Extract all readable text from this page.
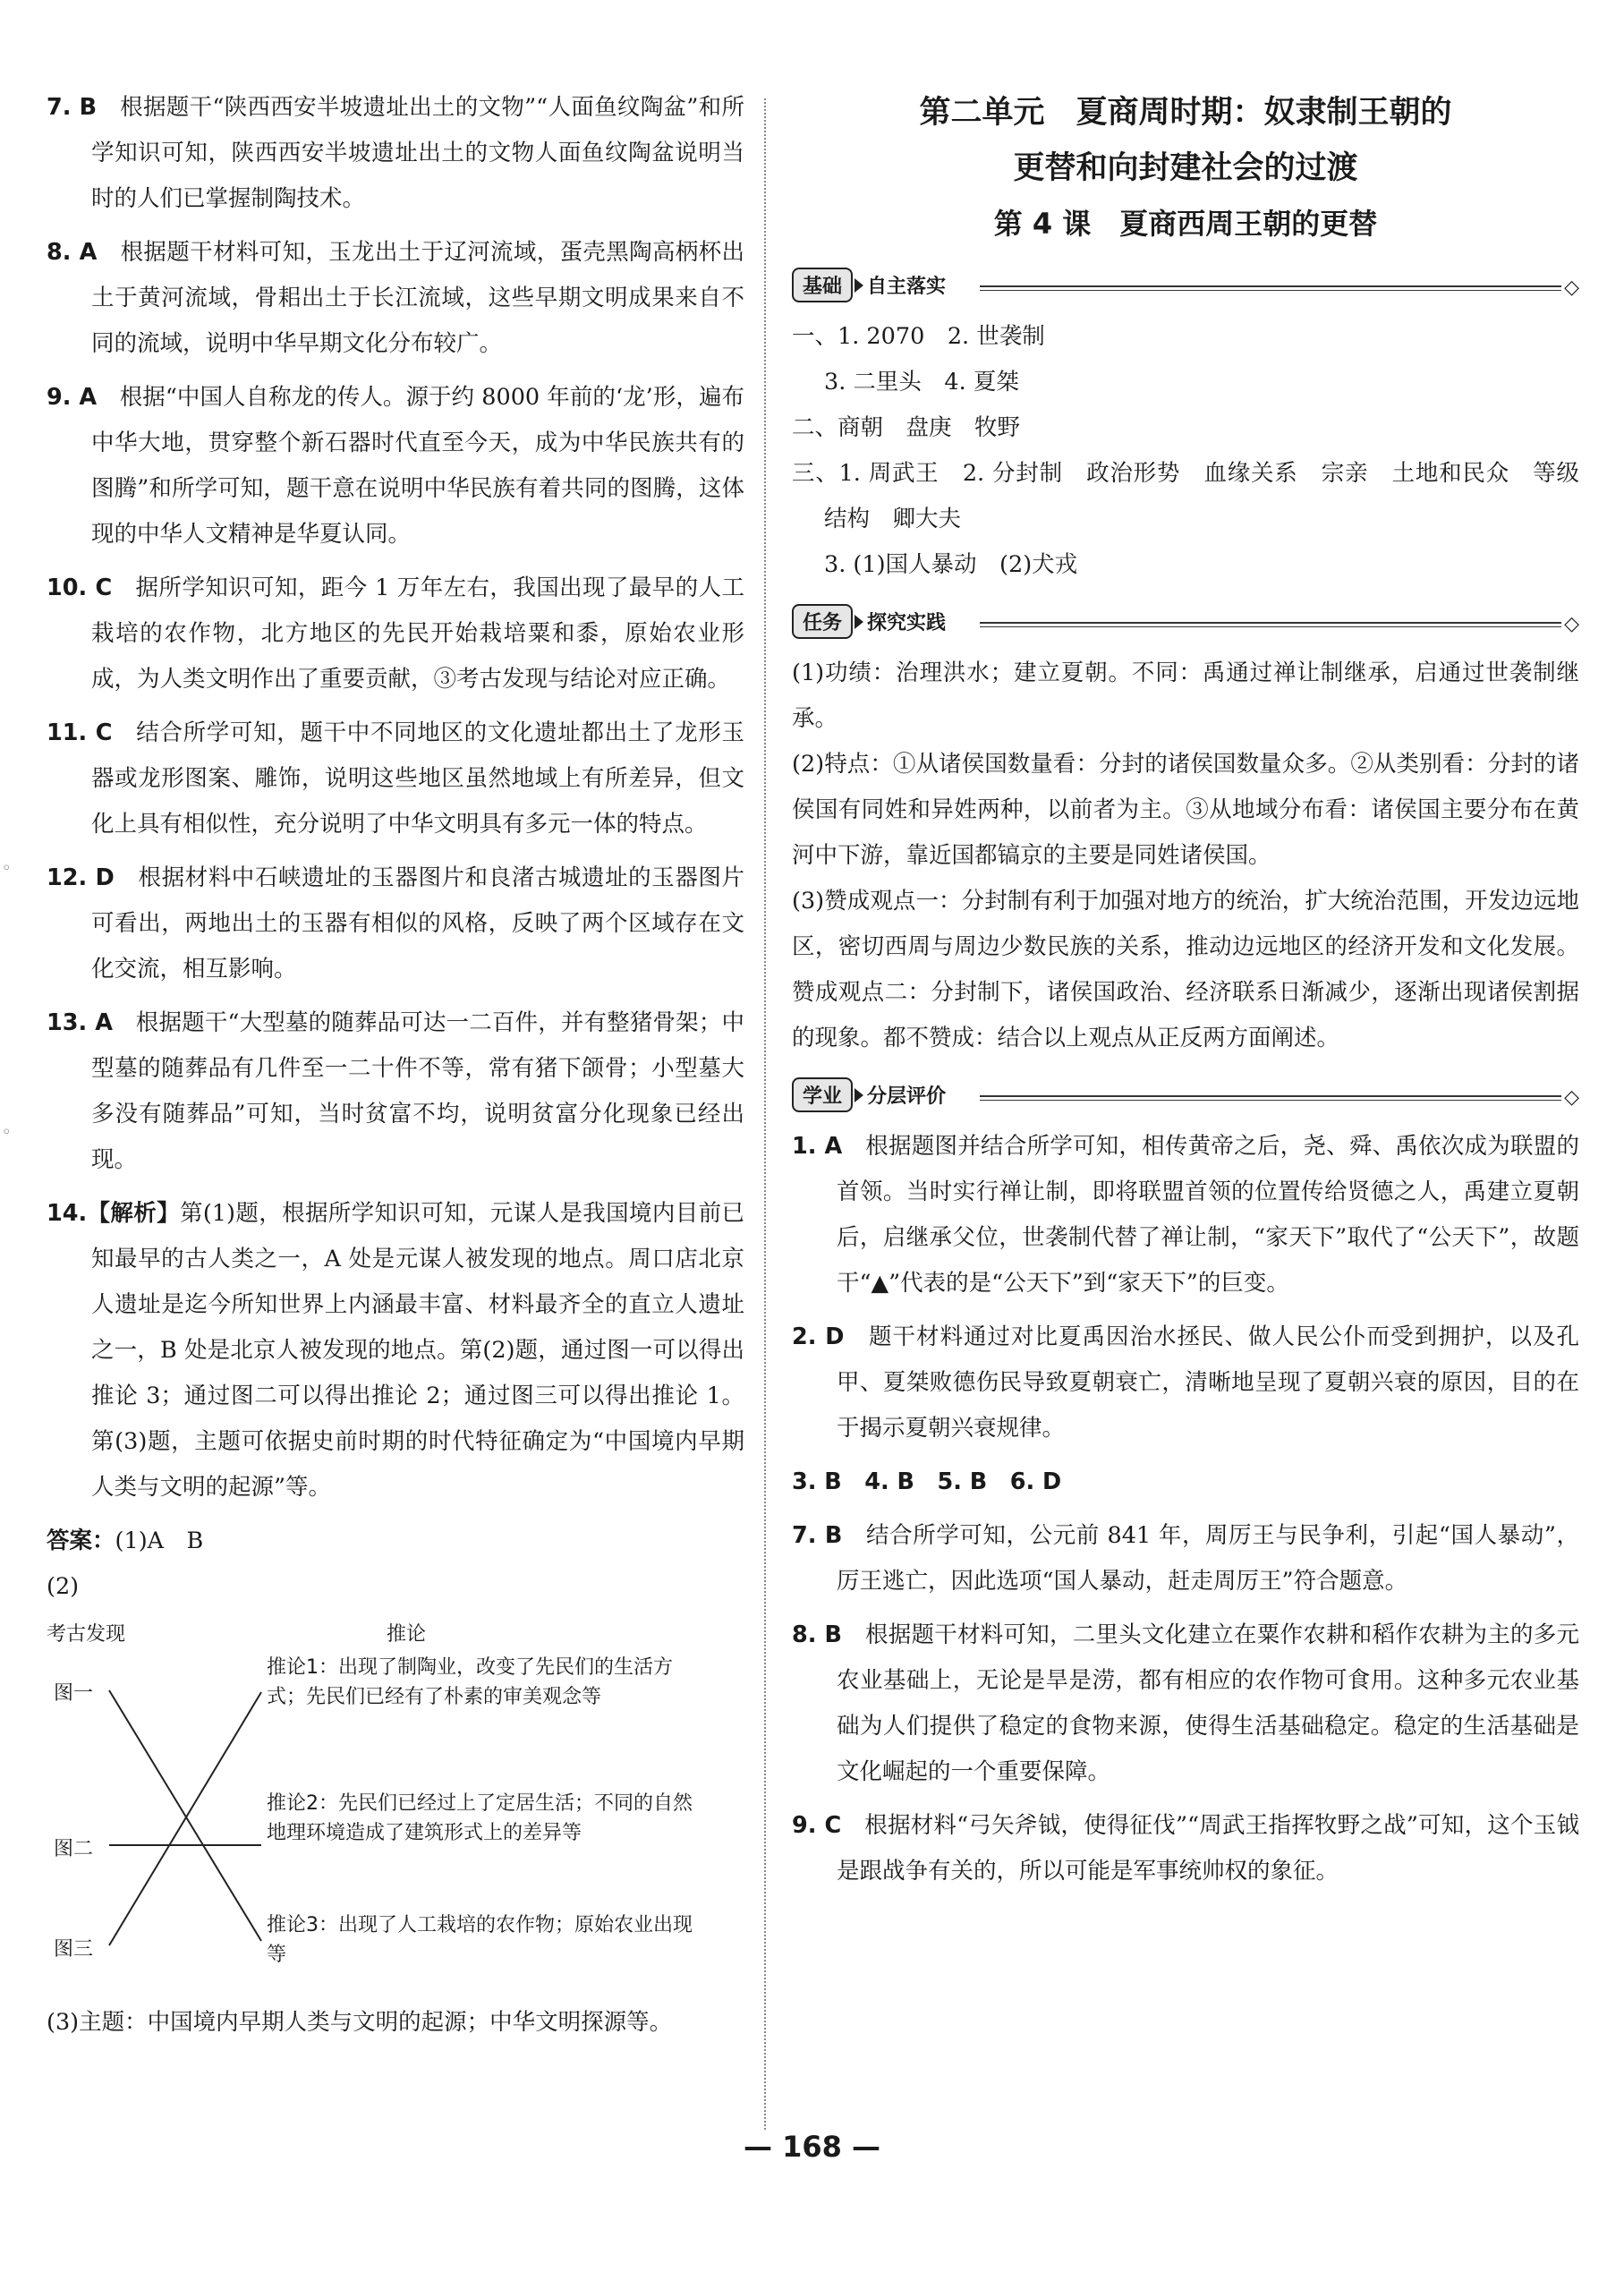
7. B　 根据题干“陕西西安半坡遗址出土的文物”“人面鱼纹陶盆”和所学知识可知，陕西西安半坡遗址出土的文物人面鱼纹陶盆说明当时的人们已掌握制陶技术。

8. A　 根据题干材料可知，玉龙出土于辽河流域，蛋壳黑陶高柄杯出土于黄河流域，骨耜出土于长江流域，这些早期文明成果来自不同的流域，说明中华早期文化分布较广。

9. A　 根据“中国人自称龙的传人。源于约 8000 年前的‘龙’形，遍布中华大地，贯穿整个新石器时代直至今天，成为中华民族共有的图腾”和所学可知，题干意在说明中华民族有着共同的图腾，这体现的中华人文精神是华夏认同。

10. C　 据所学知识可知，距今 1 万年左右，我国出现了最早的人工栽培的农作物，北方地区的先民开始栽培粟和黍，原始农业形成，为人类文明作出了重要贡献，③考古发现与结论对应正确。

11. C　 结合所学可知，题干中不同地区的文化遗址都出土了龙形玉器或龙形图案、雕饰，说明这些地区虽然地域上有所差异，但文化上具有相似性，充分说明了中华文明具有多元一体的特点。

12. D　 根据材料中石峡遗址的玉器图片和良渚古城遗址的玉器图片可看出，两地出土的玉器有相似的风格，反映了两个区域存在文化交流，相互影响。

13. A　 根据题干“大型墓的随葬品可达一二百件，并有整猪骨架；中型墓的随葬品有几件至一二十件不等，常有猪下颌骨；小型墓大多没有随葬品”可知，当时贫富不均，说明贫富分化现象已经出现。

14.【解析】第(1)题，根据所学知识可知，元谋人是我国境内目前已知最早的古人类之一，A 处是元谋人被发现的地点。周口店北京人遗址是迄今所知世界上内涵最丰富、材料最齐全的直立人遗址之一，B 处是北京人被发现的地点。第(2)题，通过图一可以得出推论 3；通过图二可以得出推论 2；通过图三可以得出推论 1。第(3)题，主题可依据史前时期的时代特征确定为“中国境内早期人类与文明的起源”等。

答案：(1)A　B

(2)

考古发现	推论
图一
图二
图三
推论1：出现了制陶业，改变了先民们的生活方式；先民们已经有了朴素的审美观念等
推论2：先民们已经过上了定居生活；不同的自然地理环境造成了建筑形式上的差异等
推论3：出现了人工栽培的农作物；原始农业出现等

(3)主题：中国境内早期人类与文明的起源；中华文明探源等。

第二单元　夏商周时期：奴隶制王朝的

更替和向封建社会的过渡

第 4 课　夏商西周王朝的更替

基础	自主落实	◇

一、1. 2070　2. 世袭制

3. 二里头　4. 夏桀

二、商朝　盘庚　牧野

三、1. 周武王　2. 分封制　政治形势　血缘关系　宗亲　土地和民众　等级结构　卿大夫

3. (1)国人暴动　(2)犬戎

任务	探究实践	◇

(1)功绩：治理洪水；建立夏朝。不同：禹通过禅让制继承，启通过世袭制继承。

(2)特点：①从诸侯国数量看：分封的诸侯国数量众多。②从类别看：分封的诸侯国有同姓和异姓两种，以前者为主。③从地域分布看：诸侯国主要分布在黄河中下游，靠近国都镐京的主要是同姓诸侯国。

(3)赞成观点一：分封制有利于加强对地方的统治，扩大统治范围，开发边远地区，密切西周与周边少数民族的关系，推动边远地区的经济开发和文化发展。赞成观点二：分封制下，诸侯国政治、经济联系日渐减少，逐渐出现诸侯割据的现象。都不赞成：结合以上观点从正反两方面阐述。

学业	分层评价	◇

1. A　 根据题图并结合所学可知，相传黄帝之后，尧、舜、禹依次成为联盟的首领。当时实行禅让制，即将联盟首领的位置传给贤德之人，禹建立夏朝后，启继承父位，世袭制代替了禅让制，“家天下”取代了“公天下”，故题干“▲”代表的是“公天下”到“家天下”的巨变。

2. D　 题干材料通过对比夏禹因治水拯民、做人民公仆而受到拥护，以及孔甲、夏桀败德伤民导致夏朝衰亡，清晰地呈现了夏朝兴衰的原因，目的在于揭示夏朝兴衰规律。

3. B　4. B　5. B　6. D

7. B　 结合所学可知，公元前 841 年，周厉王与民争利，引起“国人暴动”，厉王逃亡，因此选项“国人暴动，赶走周厉王”符合题意。

8. B　 根据题干材料可知，二里头文化建立在粟作农耕和稻作农耕为主的多元农业基础上，无论是旱是涝，都有相应的农作物可食用。这种多元农业基础为人们提供了稳定的食物来源，使得生活基础稳定。稳定的生活基础是文化崛起的一个重要保障。

9. C　 根据材料“弓矢斧钺，使得征伐”“周武王指挥牧野之战”可知，这个玉钺是跟战争有关的，所以可能是军事统帅权的象征。

◦
◦
— 168 —
